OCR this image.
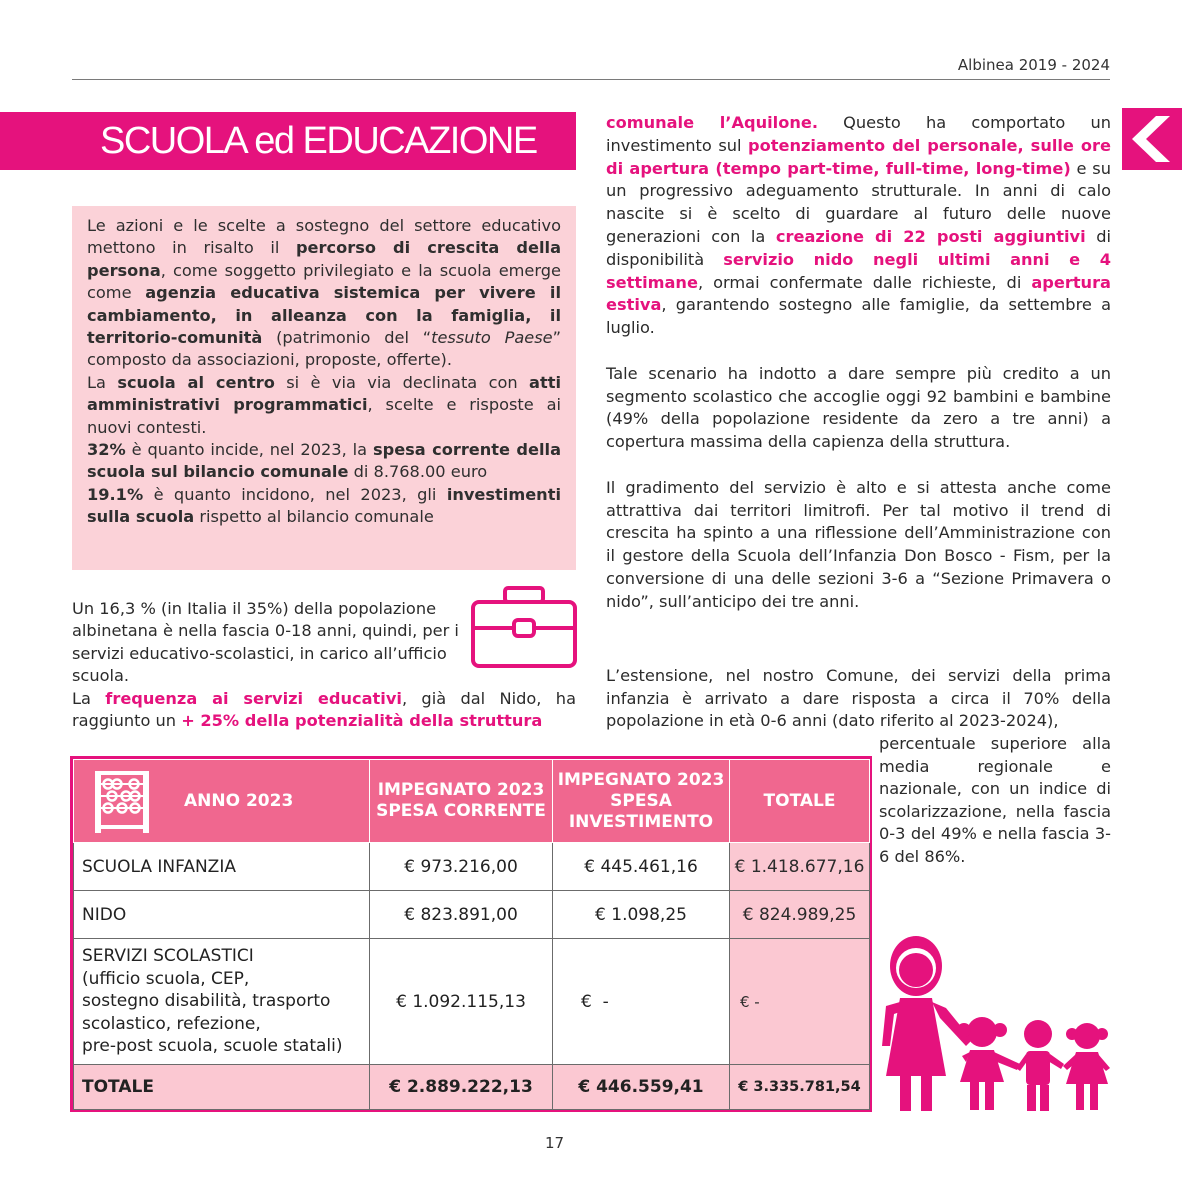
Albinea 2019 - 2024
SCUOLA ed EDUCAZIONE

Le azioni e le scelte a sostegno del settore educativo mettono in risalto il percorso di crescita della persona, come soggetto privilegiato e la scuola emerge come agenzia educativa sistemica per vivere il cambiamento, in alleanza con la famiglia, il territorio-comunità (patrimonio del “tessuto Paese” composto da associazioni, proposte, offerte).

La scuola al centro si è via via declinata con atti amministrativi programmatici, scelte e risposte ai nuovi contesti.

32% è quanto incide, nel 2023, la spesa corrente della scuola sul bilancio comunale di 8.768.00 euro

19.1% è quanto incidono, nel 2023, gli investimenti sulla scuola rispetto al bilancio comunale

Un 16,3 % (in Italia il 35%) della popolazione albinetana è nella fascia 0-18 anni, quindi, per i servizi educativo-scolastici, in carico all’ufficio scuola.
La frequenza ai servizi educativi, già dal Nido, ha raggiunto un + 25% della potenzialità della struttura

comunale l’Aquilone. Questo ha comportato un investimento sul potenziamento del personale, sulle ore di apertura (tempo part-time, full-time, long-time) e su un progressivo adeguamento strutturale. In anni di calo nascite si è scelto di guardare al futuro delle nuove generazioni con la creazione di 22 posti aggiuntivi di disponibilità servizio nido negli ultimi anni e 4 settimane, ormai confermate dalle richieste, di apertura estiva, garantendo sostegno alle famiglie, da settembre a luglio.

Tale scenario ha indotto a dare sempre più credito a un segmento scolastico che accoglie oggi 92 bambini e bambine (49% della popolazione residente da zero a tre anni) a copertura massima della capienza della struttura.

Il gradimento del servizio è alto e si attesta anche come attrattiva dai territori limitrofi. Per tal motivo il trend di crescita ha spinto a una riflessione dell’Amministrazione con il gestore della Scuola dell’Infanzia Don Bosco - Fism, per la conversione di una delle sezioni 3-6 a “Sezione Primavera o nido”, sull’anticipo dei tre anni.

L’estensione, nel nostro Comune, dei servizi della prima infanzia è arrivato a dare risposta a circa il 70% della popolazione in età 0-6 anni (dato riferito al 2023-2024),
percentuale superiore alla media regionale e nazionale, con un indice di scolarizzazione, nella fascia 0-3 del 49% e nella fascia 3-6 del 86%.
ANNO 2023	IMPEGNATO 2023 SPESA CORRENTE	IMPEGNATO 2023 SPESA INVESTIMENTO	TOTALE
SCUOLA INFANZIA	€ 973.216,00	€ 445.461,16	€ 1.418.677,16
NIDO	€ 823.891,00	€ 1.098,25	€ 824.989,25

SERVIZI SCOLASTICI
(ufficio scuola, CEP,
sostegno disabilità, trasporto
scolastico, refezione,
pre-post scuola, scuole statali)	€ 1.092.115,13	€  -	€ -
TOTALE	€ 2.889.222,13	€ 446.559,41	€ 3.335.781,54
17
